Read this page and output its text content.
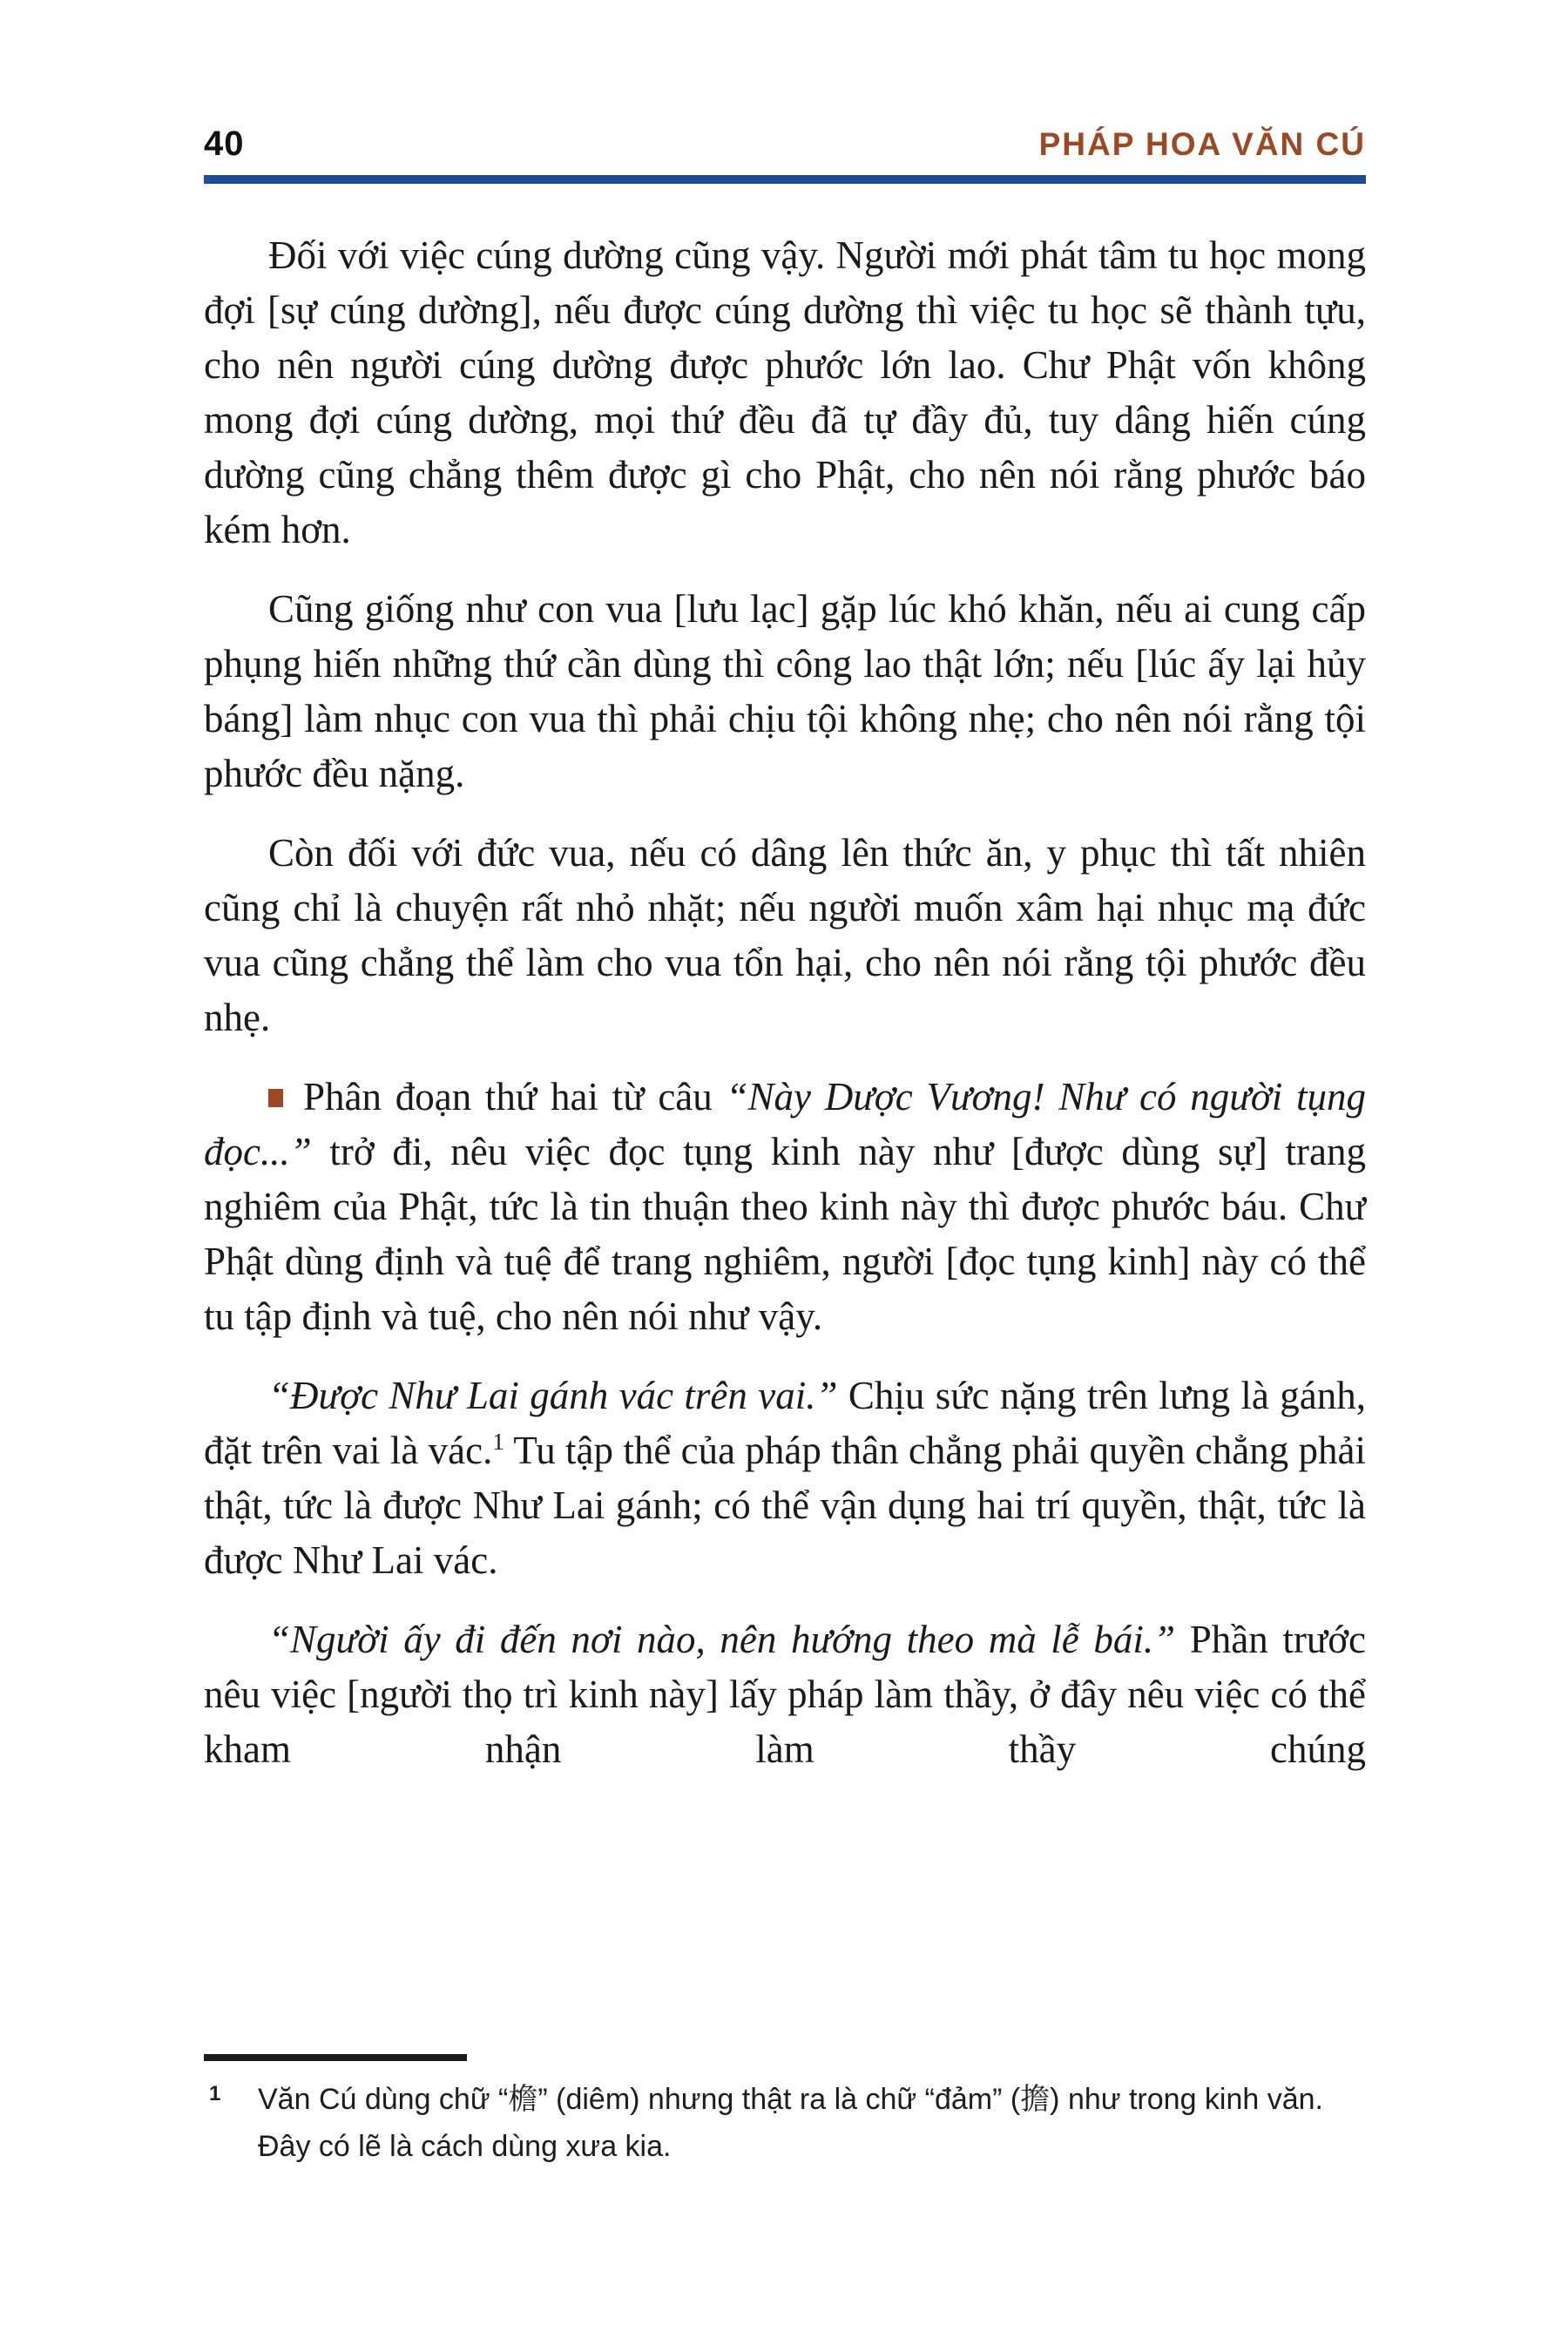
40	PHÁP HOA VĂN CÚ

Đối với việc cúng dường cũng vậy. Người mới phát tâm tu học mong đợi [sự cúng dường], nếu được cúng dường thì việc tu học sẽ thành tựu, cho nên người cúng dường được phước lớn lao. Chư Phật vốn không mong đợi cúng dường, mọi thứ đều đã tự đầy đủ, tuy dâng hiến cúng dường cũng chẳng thêm được gì cho Phật, cho nên nói rằng phước báo kém hơn.

Cũng giống như con vua [lưu lạc] gặp lúc khó khăn, nếu ai cung cấp phụng hiến những thứ cần dùng thì công lao thật lớn; nếu [lúc ấy lại hủy báng] làm nhục con vua thì phải chịu tội không nhẹ; cho nên nói rằng tội phước đều nặng.

Còn đối với đức vua, nếu có dâng lên thức ăn, y phục thì tất nhiên cũng chỉ là chuyện rất nhỏ nhặt; nếu người muốn xâm hại nhục mạ đức vua cũng chẳng thể làm cho vua tổn hại, cho nên nói rằng tội phước đều nhẹ.

Phân đoạn thứ hai từ câu “Này Dược Vương! Như có người tụng đọc...” trở đi, nêu việc đọc tụng kinh này như [được dùng sự] trang nghiêm của Phật, tức là tin thuận theo kinh này thì được phước báu. Chư Phật dùng định và tuệ để trang nghiêm, người [đọc tụng kinh] này có thể tu tập định và tuệ, cho nên nói như vậy.

“Được Như Lai gánh vác trên vai.” Chịu sức nặng trên lưng là gánh, đặt trên vai là vác.$^1$ Tu tập thể của pháp thân chẳng phải quyền chẳng phải thật, tức là được Như Lai gánh; có thể vận dụng hai trí quyền, thật, tức là được Như Lai vác.

“Người ấy đi đến nơi nào, nên hướng theo mà lễ bái.” Phần trước nêu việc [người thọ trì kinh này] lấy pháp làm thầy, ở đây nêu việc có thể kham nhận làm thầy chúng

1	Văn Cú dùng chữ “檐” (diêm) nhưng thật ra là chữ “đảm” (擔) như trong kinh văn.
Đây có lẽ là cách dùng xưa kia.
